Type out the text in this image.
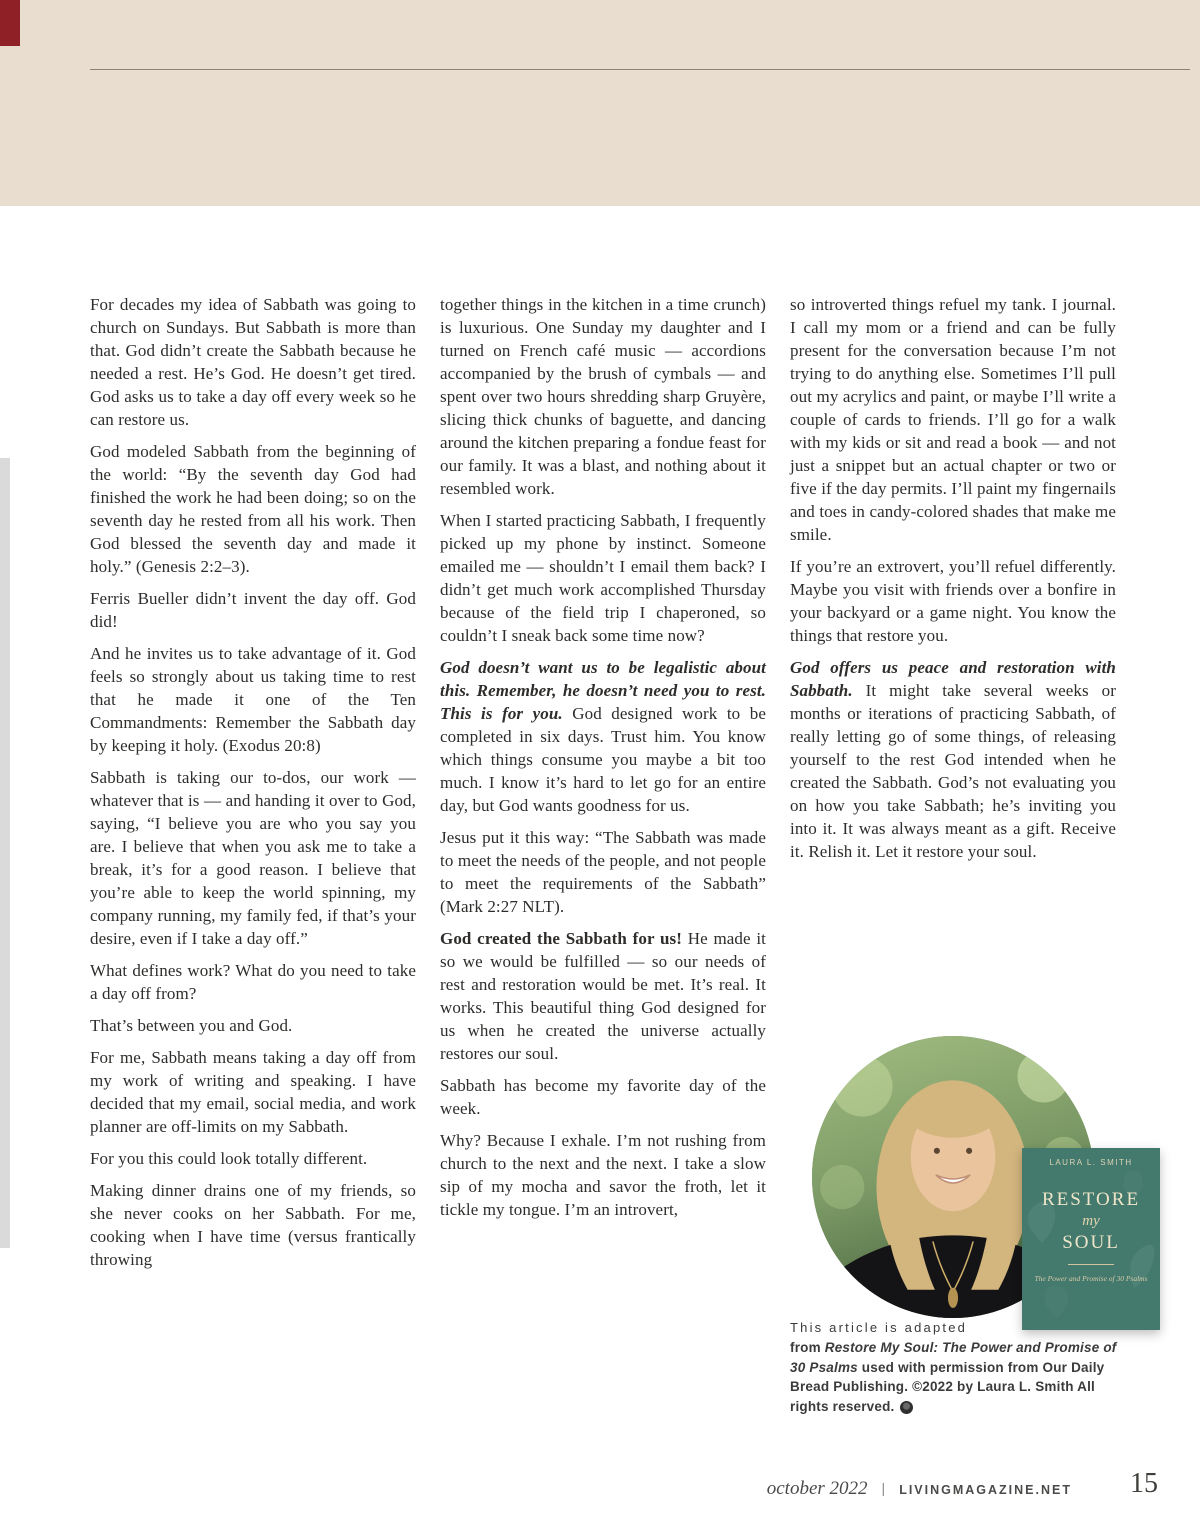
For decades my idea of Sabbath was going to church on Sundays. But Sabbath is more than that. God didn’t create the Sabbath because he needed a rest. He’s God. He doesn’t get tired. God asks us to take a day off every week so he can restore us.

God modeled Sabbath from the beginning of the world: “By the seventh day God had finished the work he had been doing; so on the seventh day he rested from all his work. Then God blessed the seventh day and made it holy.” (Genesis 2:2–3).

Ferris Bueller didn’t invent the day off. God did!

And he invites us to take advantage of it. God feels so strongly about us taking time to rest that he made it one of the Ten Commandments: Remember the Sabbath day by keeping it holy. (Exodus 20:8)

Sabbath is taking our to-dos, our work — whatever that is — and handing it over to God, saying, “I believe you are who you say you are. I believe that when you ask me to take a break, it’s for a good reason. I believe that you’re able to keep the world spinning, my company running, my family fed, if that’s your desire, even if I take a day off.”

What defines work? What do you need to take a day off from?

That’s between you and God.

For me, Sabbath means taking a day off from my work of writing and speaking. I have decided that my email, social media, and work planner are off-limits on my Sabbath.

For you this could look totally different.

Making dinner drains one of my friends, so she never cooks on her Sabbath. For me, cooking when I have time (versus frantically throwing

together things in the kitchen in a time crunch) is luxurious. One Sunday my daughter and I turned on French café music — accordions accompanied by the brush of cymbals — and spent over two hours shredding sharp Gruyère, slicing thick chunks of baguette, and dancing around the kitchen preparing a fondue feast for our family. It was a blast, and nothing about it resembled work.

When I started practicing Sabbath, I frequently picked up my phone by instinct. Someone emailed me — shouldn’t I email them back? I didn’t get much work accomplished Thursday because of the field trip I chaperoned, so couldn’t I sneak back some time now?

God doesn’t want us to be legalistic about this. Remember, he doesn’t need you to rest. This is for you. God designed work to be completed in six days. Trust him. You know which things consume you maybe a bit too much. I know it’s hard to let go for an entire day, but God wants goodness for us.

Jesus put it this way: “The Sabbath was made to meet the needs of the people, and not people to meet the requirements of the Sabbath” (Mark 2:27 NLT).

God created the Sabbath for us! He made it so we would be fulfilled — so our needs of rest and restoration would be met. It’s real. It works. This beautiful thing God designed for us when he created the universe actually restores our soul.

Sabbath has become my favorite day of the week.

Why? Because I exhale. I’m not rushing from church to the next and the next. I take a slow sip of my mocha and savor the froth, let it tickle my tongue. I’m an introvert,

so introverted things refuel my tank. I journal. I call my mom or a friend and can be fully present for the conversation because I’m not trying to do anything else. Sometimes I’ll pull out my acrylics and paint, or maybe I’ll write a couple of cards to friends. I’ll go for a walk with my kids or sit and read a book — and not just a snippet but an actual chapter or two or five if the day permits. I’ll paint my fingernails and toes in candy-colored shades that make me smile.

If you’re an extrovert, you’ll refuel differently. Maybe you visit with friends over a bonfire in your backyard or a game night. You know the things that restore you.

God offers us peace and restoration with Sabbath. It might take several weeks or months or iterations of practicing Sabbath, of really letting go of some things, of releasing yourself to the rest God intended when he created the Sabbath. God’s not evaluating you on how you take Sabbath; he’s inviting you into it. It was always meant as a gift. Receive it. Relish it. Let it restore your soul.

LAURA L. SMITH
RESTORE
my
SOUL
The Power and Promise of 30 Psalms
This article is adapted
from Restore My Soul: The Power and Promise of 30 Psalms used with permission from Our Daily Bread Publishing. ©2022 by Laura L. Smith All rights reserved.
october 2022 | LIVINGMAGAZINE.NET 15
